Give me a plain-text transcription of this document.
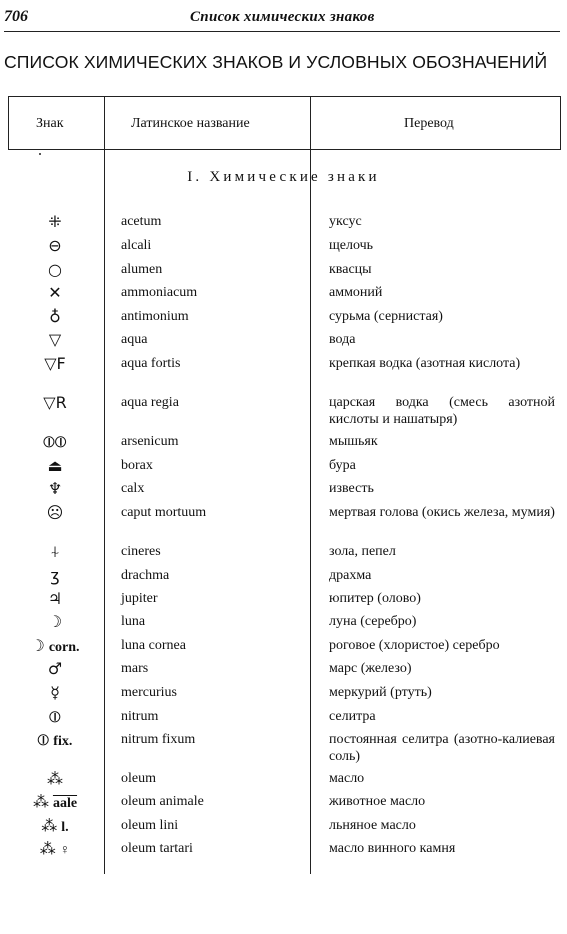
706	Список химических знаков
СПИСОК ХИМИЧЕСКИХ ЗНАКОВ И УСЛОВНЫХ ОБОЗНАЧЕНИЙ
Знак	Латинское название	Перевод
I. Химические знаки
⁜	acetum	уксус
⊖	alcali	щелочь
○	alumen	квасцы
✕	ammoniacum	аммоний
♁	antimonium	сурьма (сернистая)
▽	aqua	вода
▽F	aqua fortis	крепкая водка (азотная кислота)
▽R	aqua regia	царская водка (смесь азотной кислоты и нашатыря)
⦶⦶	arsenicum	мышьяк
⏏	borax	бура
♆	calx	известь
☹	caput mortuum	мертвая голова (окись железа, мумия)
⍭	cineres	зола, пепел
ʒ	drachma	драхма
♃	jupiter	юпитер (олово)
☽	luna	луна (серебро)
☽ corn.	luna cornea	роговое (хлористое) серебро
♂	mars	марс (железо)
☿	mercurius	меркурий (ртуть)
⦶	nitrum	селитра
⦶ fix.	nitrum fixum	постоянная селитра (азотно-калиевая соль)
⁂	oleum	масло
⁂ aale	oleum animale	животное масло
⁂ l.	oleum lini	льняное масло
⁂ ♀	oleum tartari	масло винного камня
